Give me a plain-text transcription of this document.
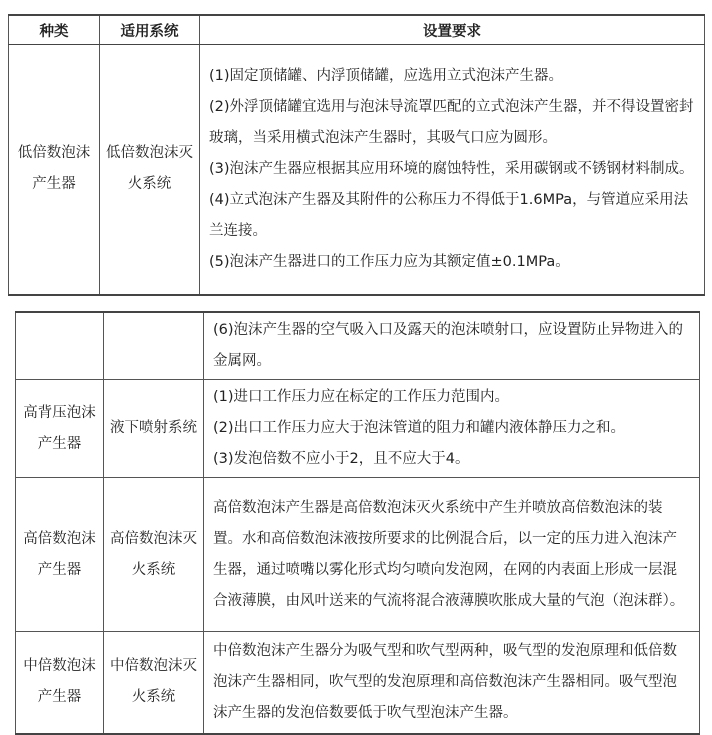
种类	适用系统	设置要求
低倍数泡沫产生器	低倍数泡沫灭火系统	(1)固定顶储罐、内浮顶储罐，应选用立式泡沫产生器。
(2)外浮顶储罐宜选用与泡沫导流罩匹配的立式泡沫产生器，并不得设置密封玻璃，当采用横式泡沫产生器时，其吸气口应为圆形。
(3)泡沫产生器应根据其应用环境的腐蚀特性，采用碳钢或不锈钢材料制成。
(4)立式泡沫产生器及其附件的公称压力不得低于1.6MPa，与管道应采用法兰连接。
(5)泡沫产生器进口的工作压力应为其额定值±0.1MPa。

		(6)泡沫产生器的空气吸入口及露天的泡沫喷射口，应设置防止异物进入的金属网。

高背压泡沫产生器	液下喷射系统	(1)进口工作压力应在标定的工作压力范围内。
(2)出口工作压力应大于泡沫管道的阻力和罐内液体静压力之和。
(3)发泡倍数不应小于2，且不应大于4。

高倍数泡沫产生器	高倍数泡沫灭火系统	高倍数泡沫产生器是高倍数泡沫灭火系统中产生并喷放高倍数泡沫的装置。水和高倍数泡沫液按所要求的比例混合后，以一定的压力进入泡沫产生器，通过喷嘴以雾化形式均匀喷向发泡网，在网的内表面上形成一层混合液薄膜，由风叶送来的气流将混合液薄膜吹胀成大量的气泡（泡沫群）。

中倍数泡沫产生器	中倍数泡沫灭火系统	中倍数泡沫产生器分为吸气型和吹气型两种，吸气型的发泡原理和低倍数泡沫产生器相同，吹气型的发泡原理和高倍数泡沫产生器相同。吸气型泡沫产生器的发泡倍数要低于吹气型泡沫产生器。
